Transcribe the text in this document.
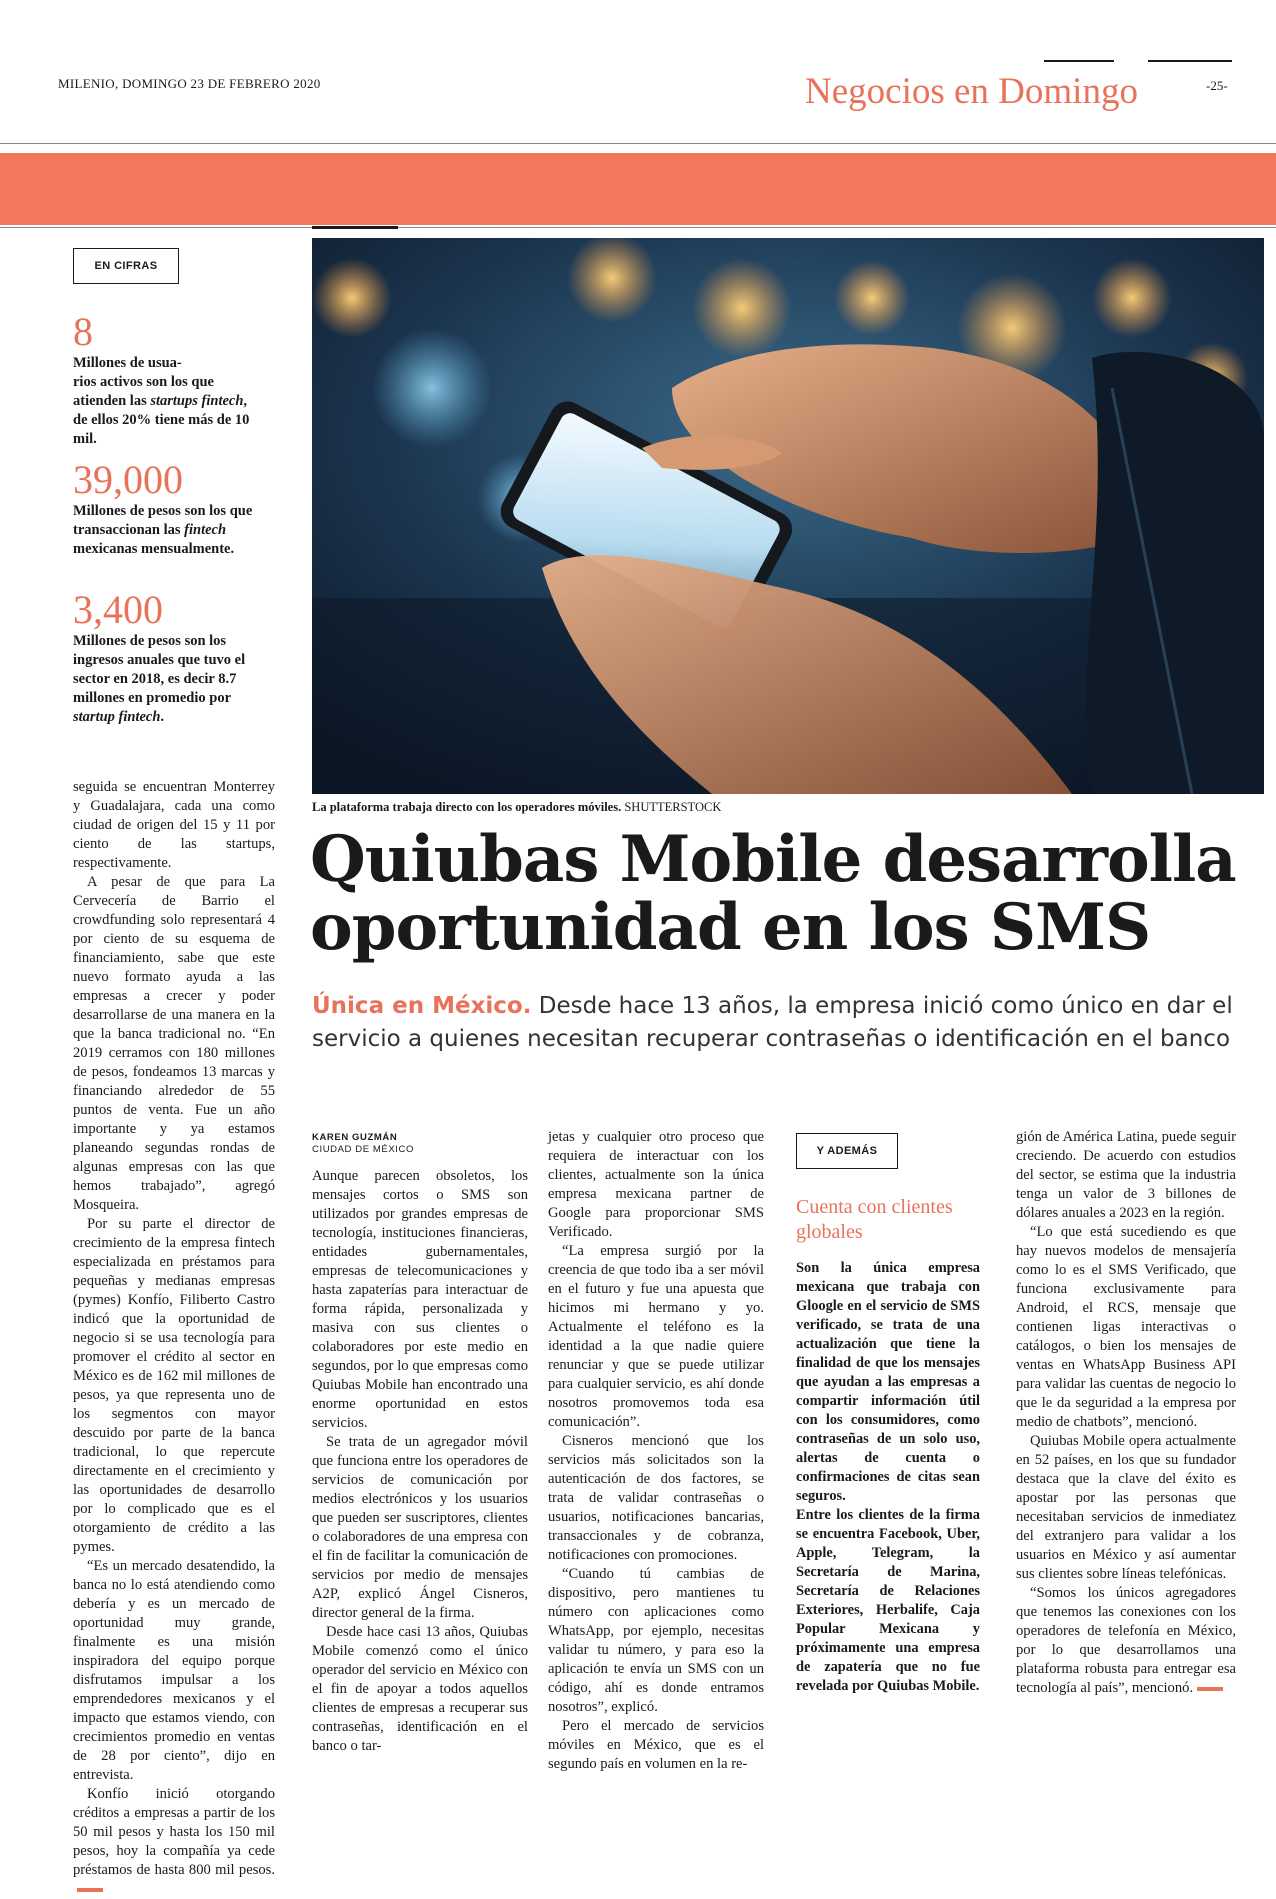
MILENIO, DOMINGO 23 DE FEBRERO 2020	Negocios en Domingo	-25-
EN CIFRAS
8
Millones de usua-
rios activos son los que atienden las startups fintech, de ellos 20% tiene más de 10 mil.
39,000
Millones de pesos son los que transaccionan las fintech mexicanas mensualmente.
3,400
Millones de pesos son los ingresos anuales que tuvo el sector en 2018, es decir 8.7 millones en promedio por startup fintech.

seguida se encuentran Monterrey y Guadalajara, cada una como ciudad de origen del 15 y 11 por ciento de las startups, respectivamente.

A pesar de que para La Cervecería de Barrio el crowdfunding solo representará 4 por ciento de su esquema de financiamiento, sabe que este nuevo formato ayuda a las empresas a crecer y poder desarrollarse de una manera en la que la banca tradicional no. “En 2019 cerramos con 180 millones de pesos, fondeamos 13 marcas y financiando alrededor de 55 puntos de venta. Fue un año importante y ya estamos planeando segundas rondas de algunas empresas con las que hemos trabajado”, agregó Mosqueira.

Por su parte el director de crecimiento de la empresa fintech especializada en préstamos para pequeñas y medianas empresas (pymes) Konfío, Filiberto Castro indicó que la oportunidad de negocio si se usa tecnología para promover el crédito al sector en México es de 162 mil millones de pesos, ya que representa uno de los segmentos con mayor descuido por parte de la banca tradicional, lo que repercute directamente en el crecimiento y las oportunidades de desarrollo por lo complicado que es el otorgamiento de crédito a las pymes.

“Es un mercado desatendido, la banca no lo está atendiendo como debería y es un mercado de oportunidad muy grande, finalmente es una misión inspiradora del equipo porque disfrutamos impulsar a los emprendedores mexicanos y el impacto que estamos viendo, con crecimientos promedio en ventas de 28 por ciento”, dijo en entrevista.

Konfío inició otorgando créditos a empresas a partir de los 50 mil pesos y hasta los 150 mil pesos, hoy la compañía ya cede préstamos de hasta 800 mil pesos.

La plataforma trabaja directo con los operadores móviles. SHUTTERSTOCK
Quiubas Mobile desarrolla
oportunidad en los SMS
Única en México. Desde hace 13 años, la empresa inició como único en dar el servicio a quienes necesitan recuperar contraseñas o identificación en el banco
KAREN GUZMÁN
CIUDAD DE MÉXICO

Aunque parecen obsoletos, los mensajes cortos o SMS son utilizados por grandes empresas de tecnología, instituciones financieras, entidades gubernamentales, empresas de telecomunicaciones y hasta zapaterías para interactuar de forma rápida, personalizada y masiva con sus clientes o colaboradores por este medio en segundos, por lo que empresas como Quiubas Mobile han encontrado una enorme oportunidad en estos servicios.

Se trata de un agregador móvil que funciona entre los operadores de servicios de comunicación por medios electrónicos y los usuarios que pueden ser suscriptores, clientes o colaboradores de una empresa con el fin de facilitar la comunicación de servicios por medio de mensajes A2P, explicó Ángel Cisneros, director general de la firma.

Desde hace casi 13 años, Quiubas Mobile comenzó como el único operador del servicio en México con el fin de apoyar a todos aquellos clientes de empresas a recuperar sus contraseñas, identificación en el banco o tar-

jetas y cualquier otro proceso que requiera de interactuar con los clientes, actualmente son la única empresa mexicana partner de Google para proporcionar SMS Verificado.

“La empresa surgió por la creencia de que todo iba a ser móvil en el futuro y fue una apuesta que hicimos mi hermano y yo. Actualmente el teléfono es la identidad a la que nadie quiere renunciar y que se puede utilizar para cualquier servicio, es ahí donde nosotros promovemos toda esa comunicación”.

Cisneros mencionó que los servicios más solicitados son la autenticación de dos factores, se trata de validar contraseñas o usuarios, notificaciones bancarias, transaccionales y de cobranza, notificaciones con promociones.

“Cuando tú cambias de dispositivo, pero mantienes tu número con aplicaciones como WhatsApp, por ejemplo, necesitas validar tu número, y para eso la aplicación te envía un SMS con un código, ahí es donde entramos nosotros”, explicó.

Pero el mercado de servicios móviles en México, que es el segundo país en volumen en la re-

Y ADEMÁS
Cuenta con clientes globales

Son la única empresa mexicana que trabaja con Gloogle en el servicio de SMS verificado, se trata de una actualización que tiene la finalidad de que los mensajes que ayudan a las empresas a compartir información útil con los consumidores, como contraseñas de un solo uso, alertas de cuenta o confirmaciones de citas sean seguros.

Entre los clientes de la firma se encuentra Facebook, Uber, Apple, Telegram, la Secretaría de Marina, Secretaría de Relaciones Exteriores, Herbalife, Caja Popular Mexicana y próximamente una empresa de zapatería que no fue revelada por Quiubas Mobile.

gión de América Latina, puede seguir creciendo. De acuerdo con estudios del sector, se estima que la industria tenga un valor de 3 billones de dólares anuales a 2023 en la región.

“Lo que está sucediendo es que hay nuevos modelos de mensajería como lo es el SMS Verificado, que funciona exclusivamente para Android, el RCS, mensaje que contienen ligas interactivas o catálogos, o bien los mensajes de ventas en WhatsApp Business API para validar las cuentas de negocio lo que le da seguridad a la empresa por medio de chatbots”, mencionó.

Quiubas Mobile opera actualmente en 52 países, en los que su fundador destaca que la clave del éxito es apostar por las personas que necesitaban servicios de inmediatez del extranjero para validar a los usuarios en México y así aumentar sus clientes sobre líneas telefónicas.

“Somos los únicos agregadores que tenemos las conexiones con los operadores de telefonía en México, por lo que desarrollamos una plataforma robusta para entregar esa tecnología al país”, mencionó.
